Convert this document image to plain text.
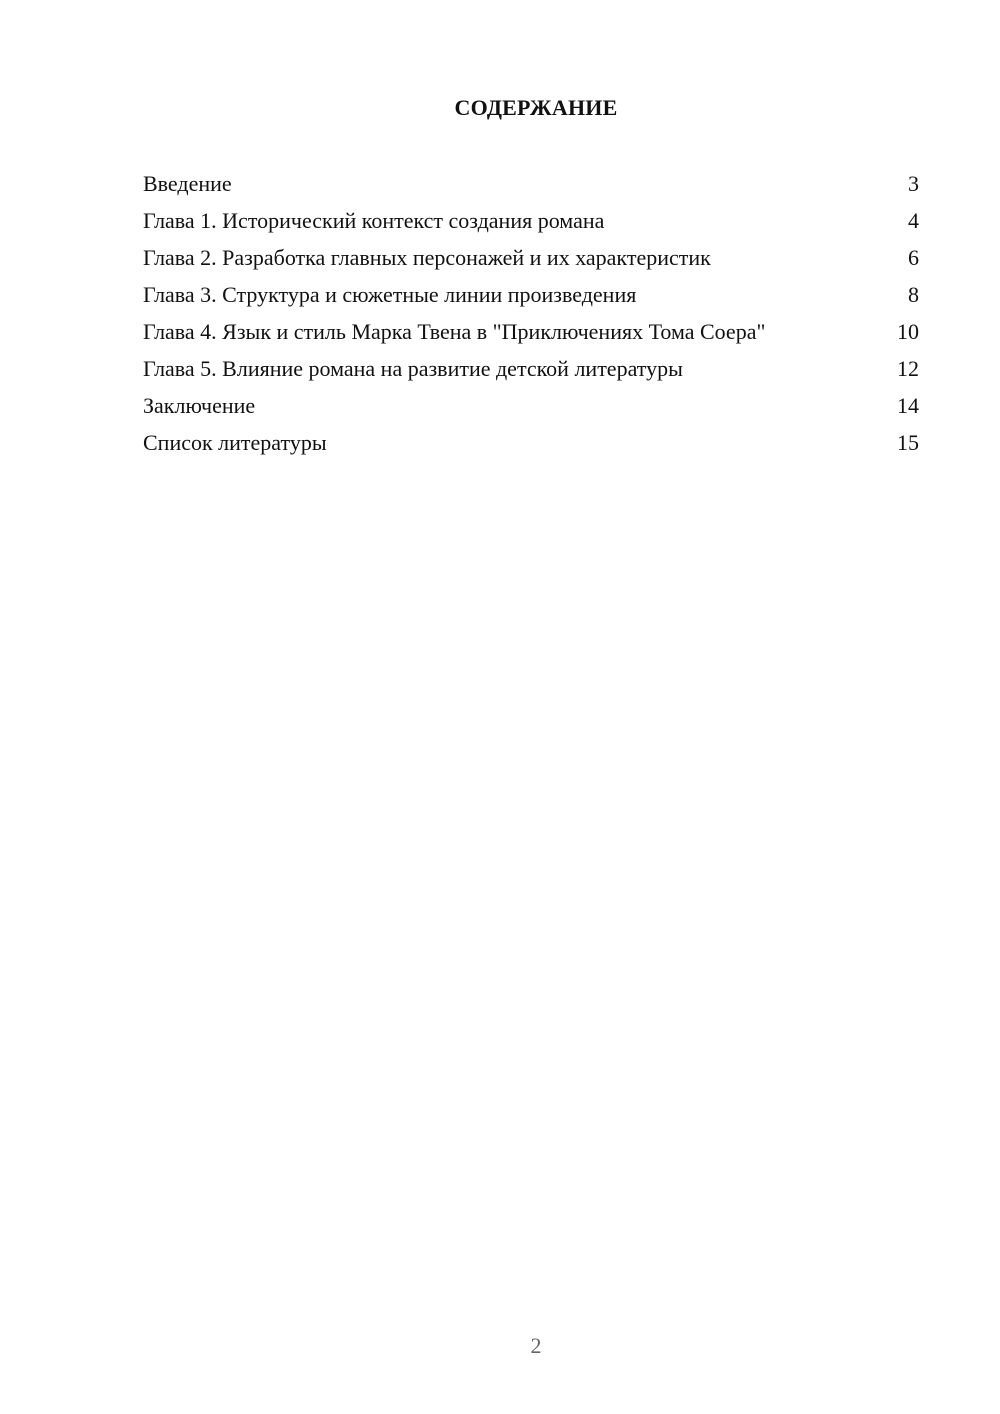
СОДЕРЖАНИЕ
Введение	3
Глава 1. Исторический контекст создания романа	4
Глава 2. Разработка главных персонажей и их характеристик	6
Глава 3. Структура и сюжетные линии произведения	8
Глава 4. Язык и стиль Марка Твена в "Приключениях Тома Соера"	10
Глава 5. Влияние романа на развитие детской литературы	12
Заключение	14
Список литературы	15
2
